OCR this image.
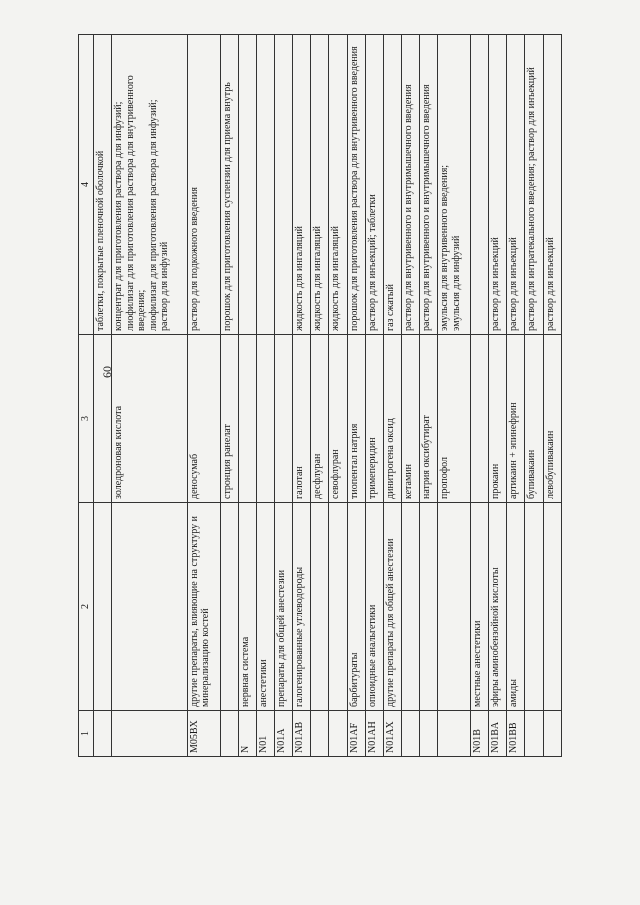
60
1	2	3	4

			таблетки, покрытые пленочной оболочкой

		золедроновая кислота	концентрат для приготовления раствора для инфузий; лиофилизат для приготовления раствора для внутривенного введения; лиофилизат для приготовления раствора для инфузий; раствор для инфузий

M05BX	другие препараты, влияющие на структуру и минерализацию костей	деносумаб	раствор для подкожного введения

		стронция ранелат	порошок для приготовления суспензии для приема внутрь

N	нервная система		
N01	анестетики		
N01A	препараты для общей анестезии		
N01AB	галогенированные углеводороды	галотан	жидкость для ингаляций

		десфлуран	жидкость для ингаляций

		севофлуран	жидкость для ингаляций

N01AF	барбитураты	тиопентал натрия	порошок для приготовления раствора для внутривенного введения

N01AH	опиоидные анальгетики	тримеперидин	раствор для инъекций; таблетки

N01AX	другие препараты для общей анестезии	динитрогена оксид	газ сжатый

		кетамин	раствор для внутривенного и внутримышечного введения

		натрия оксибутират	раствор для внутривенного и внутримышечного введения

		пропофол	эмульсия для внутривенного введения; эмульсия для инфузий

N01B	местные анестетики		
N01BA	эфиры аминобензойной кислоты	прокаин	раствор для инъекций

N01BB	амиды	артикаин + эпинефрин	раствор для инъекций

		бупивакаин	раствор для интратекального введения; раствор для инъекций

		левобупивакаин	раствор для инъекций
